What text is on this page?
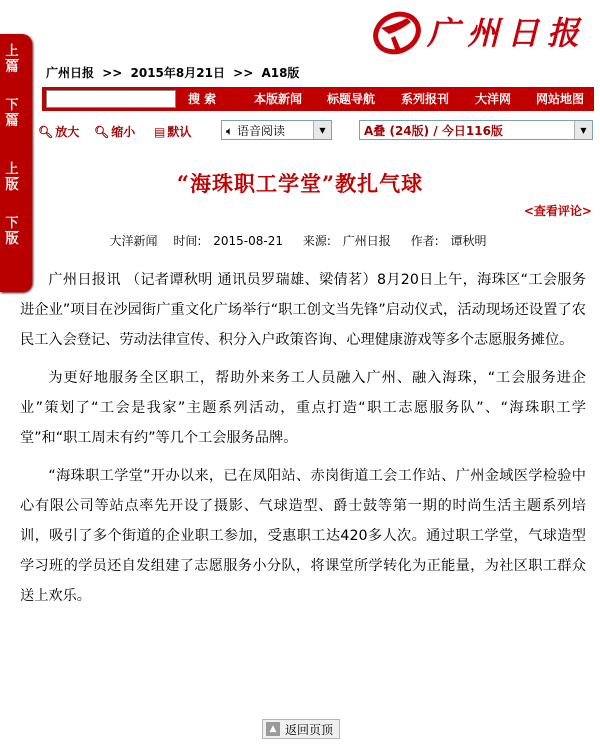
上
篇
下
篇
上
版
下
版
广州日报
广州日报 >> 2015年8月21日 >> A18版
搜 索	本版新闻 标题导航 系列报刊 大洋网 网站地图
🔍︎ 放大 🔍︎ 缩小 ▤ 默认	🔈︎ 语音阅读	▼	A叠 (24版) / 今日116版	▼
“海珠职工学堂”教扎气球
<查看评论>
大洋新闻 时间: 2015-08-21 来源: 广州日报 作者: 谭秋明

广州日报讯 （记者谭秋明 通讯员罗瑞雄、梁倩茗）8月20日上午，海珠区“工会服务进企业”项目在沙园街广重文化广场举行“职工创文当先锋”启动仪式，活动现场还设置了农民工入会登记、劳动法律宣传、积分入户政策咨询、心理健康游戏等多个志愿服务摊位。

为更好地服务全区职工，帮助外来务工人员融入广州、融入海珠，“工会服务进企业”策划了“工会是我家”主题系列活动，重点打造“职工志愿服务队”、“海珠职工学堂”和“职工周末有约”等几个工会服务品牌。

“海珠职工学堂”开办以来，已在凤阳站、赤岗街道工会工作站、广州金域医学检验中心有限公司等站点率先开设了摄影、气球造型、爵士鼓等第一期的时尚生活主题系列培训，吸引了多个街道的企业职工参加，受惠职工达420多人次。通过职工学堂，气球造型学习班的学员还自发组建了志愿服务小分队，将课堂所学转化为正能量，为社区职工群众送上欢乐。

▲ 返回页顶
